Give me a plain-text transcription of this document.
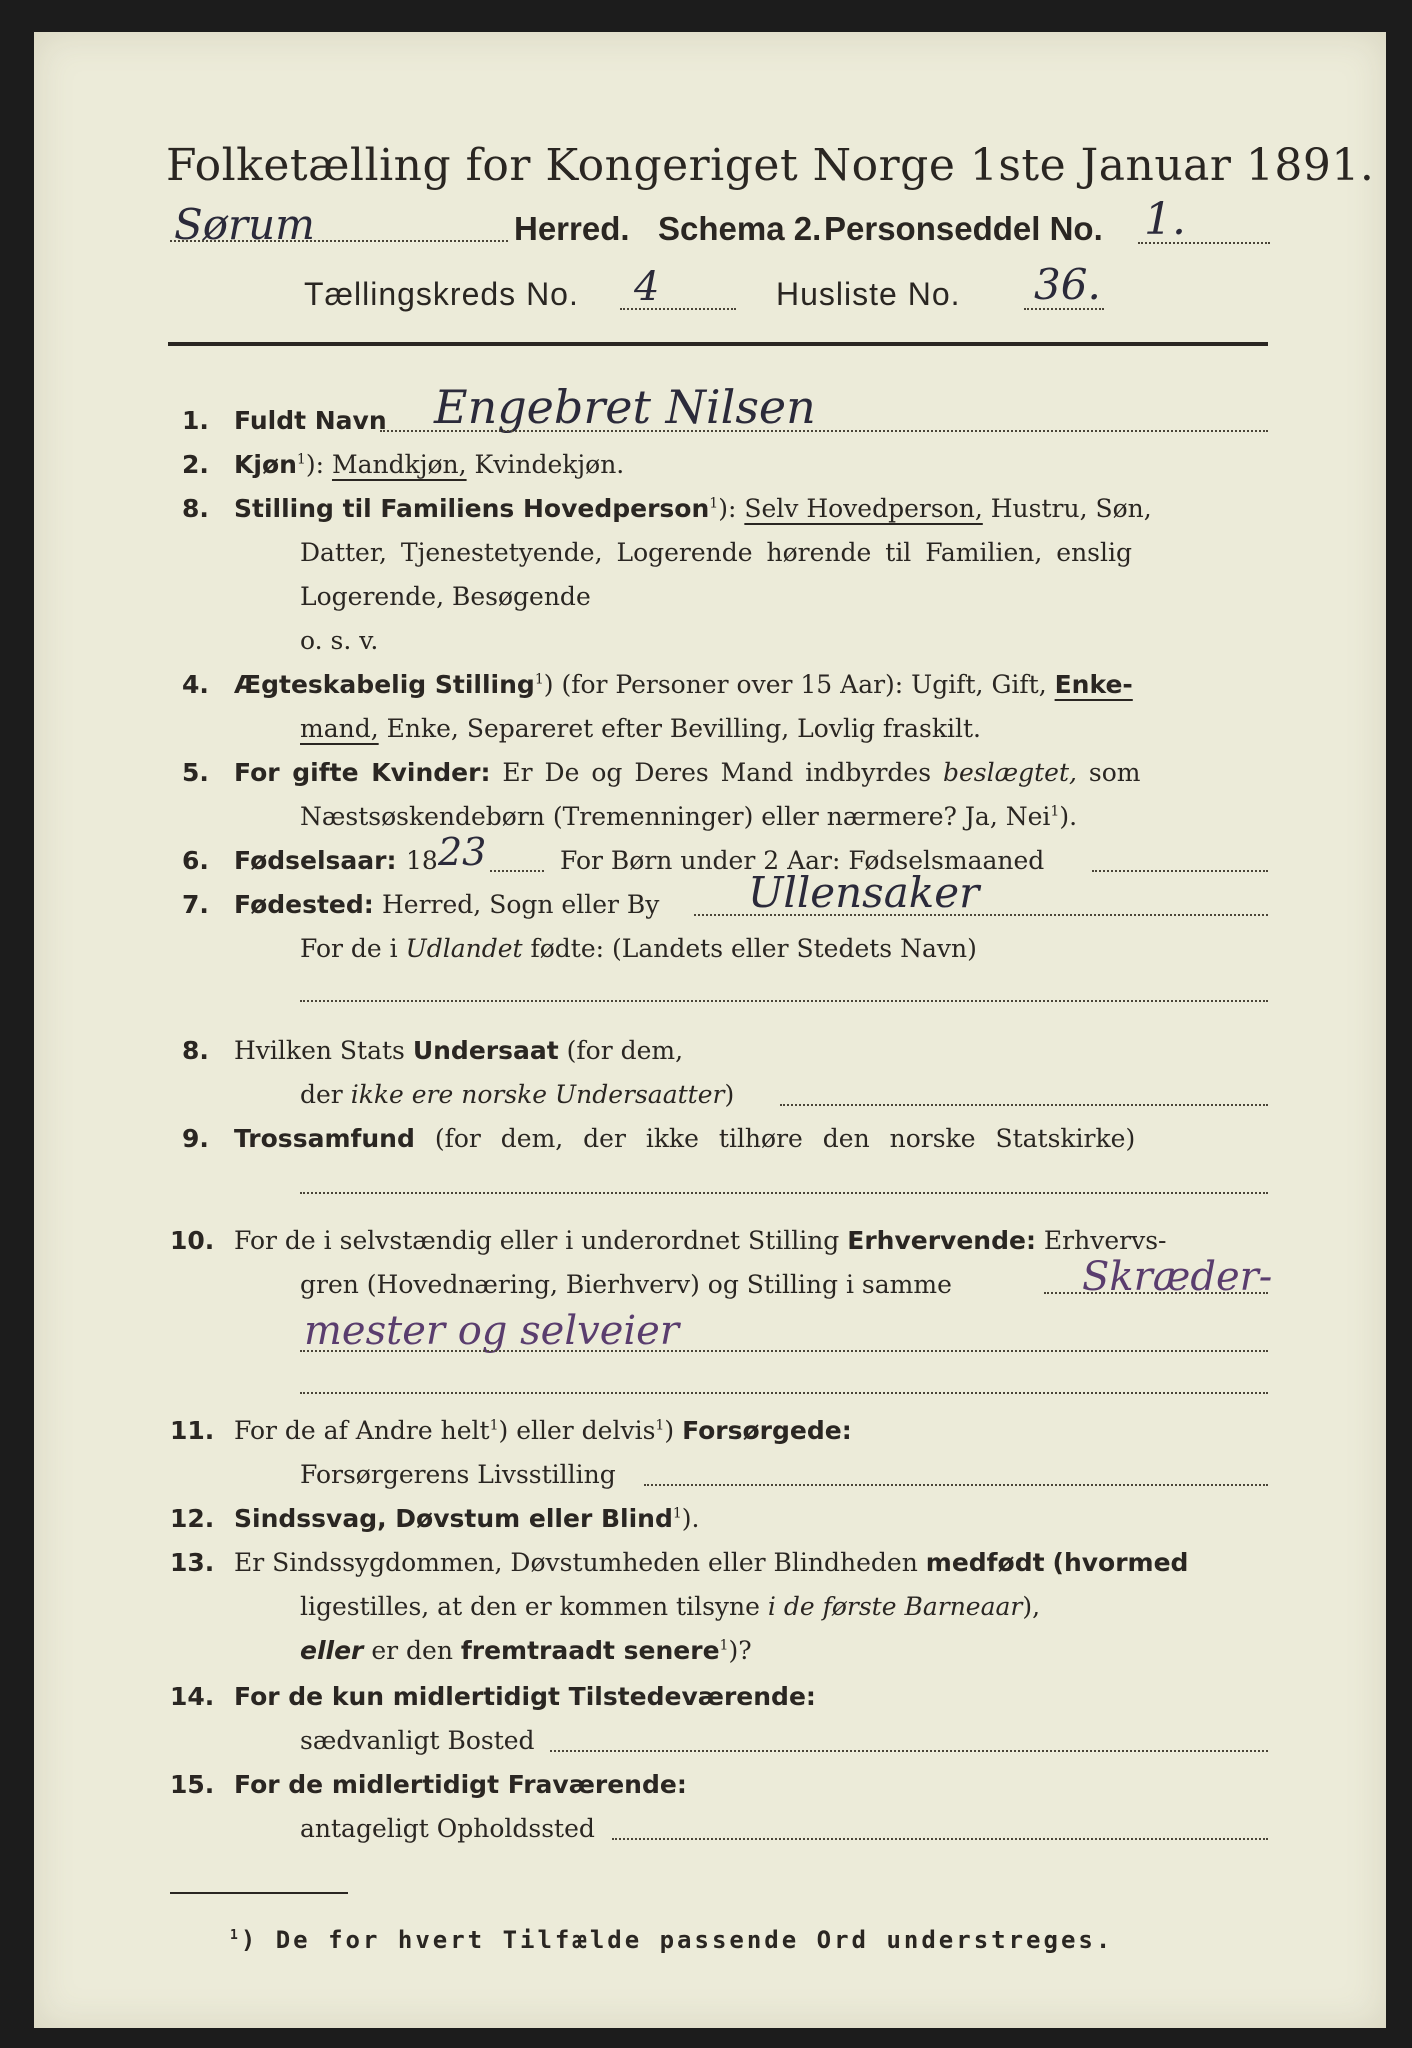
Folketælling for Kongeriget Norge 1ste Januar 1891.
Sørum	Herred. Schema 2. Personseddel No. 1.
Tællingskreds No. 4	Husliste No. 36.
1. Fuldt Navn Engebret Nilsen
2. Kjøn$^1$): Mandkjøn, Kvindekjøn.
8. Stilling til Familiens Hovedperson$^1$): Selv Hovedperson, Hustru, Søn,
Datter, Tjenestetyende, Logerende hørende til Familien, enslig
Logerende, Besøgende
o. s. v.
4. Ægteskabelig Stilling$^1$) (for Personer over 15 Aar): Ugift, Gift, Enke-
mand, Enke, Separeret efter Bevilling, Lovlig fraskilt.
5. For gifte Kvinder: Er De og Deres Mand indbyrdes beslægtet, som
Næstsøskendebørn (Tremenninger) eller nærmere? Ja, Nei$^1$).
6. Fødselsaar: 18 23	For Børn under 2 Aar: Fødselsmaaned
7. Fødested: Herred, Sogn eller By Ullensaker
For de i Udlandet fødte: (Landets eller Stedets Navn)
8. Hvilken Stats Undersaat (for dem,
der ikke ere norske Undersaatter)
9. Trossamfund (for dem, der ikke tilhøre den norske Statskirke)
10. For de i selvstændig eller i underordnet Stilling Erhvervende: Erhvervs-
gren (Hovednæring, Bierhverv) og Stilling i samme	Skræder-
mester og selveier
11. For de af Andre helt$^1$) eller delvis$^1$) Forsørgede:
Forsørgerens Livsstilling
12. Sindssvag, Døvstum eller Blind$^1$).
13. Er Sindssygdommen, Døvstumheden eller Blindheden medfødt (hvormed
ligestilles, at den er kommen tilsyne i de første Barneaar),
eller er den fremtraadt senere$^1$)?
14. For de kun midlertidigt Tilstedeværende:
sædvanligt Bosted
15. For de midlertidigt Fraværende:
antageligt Opholdssted
$^1$) De for hvert Tilfælde passende Ord understreges.
